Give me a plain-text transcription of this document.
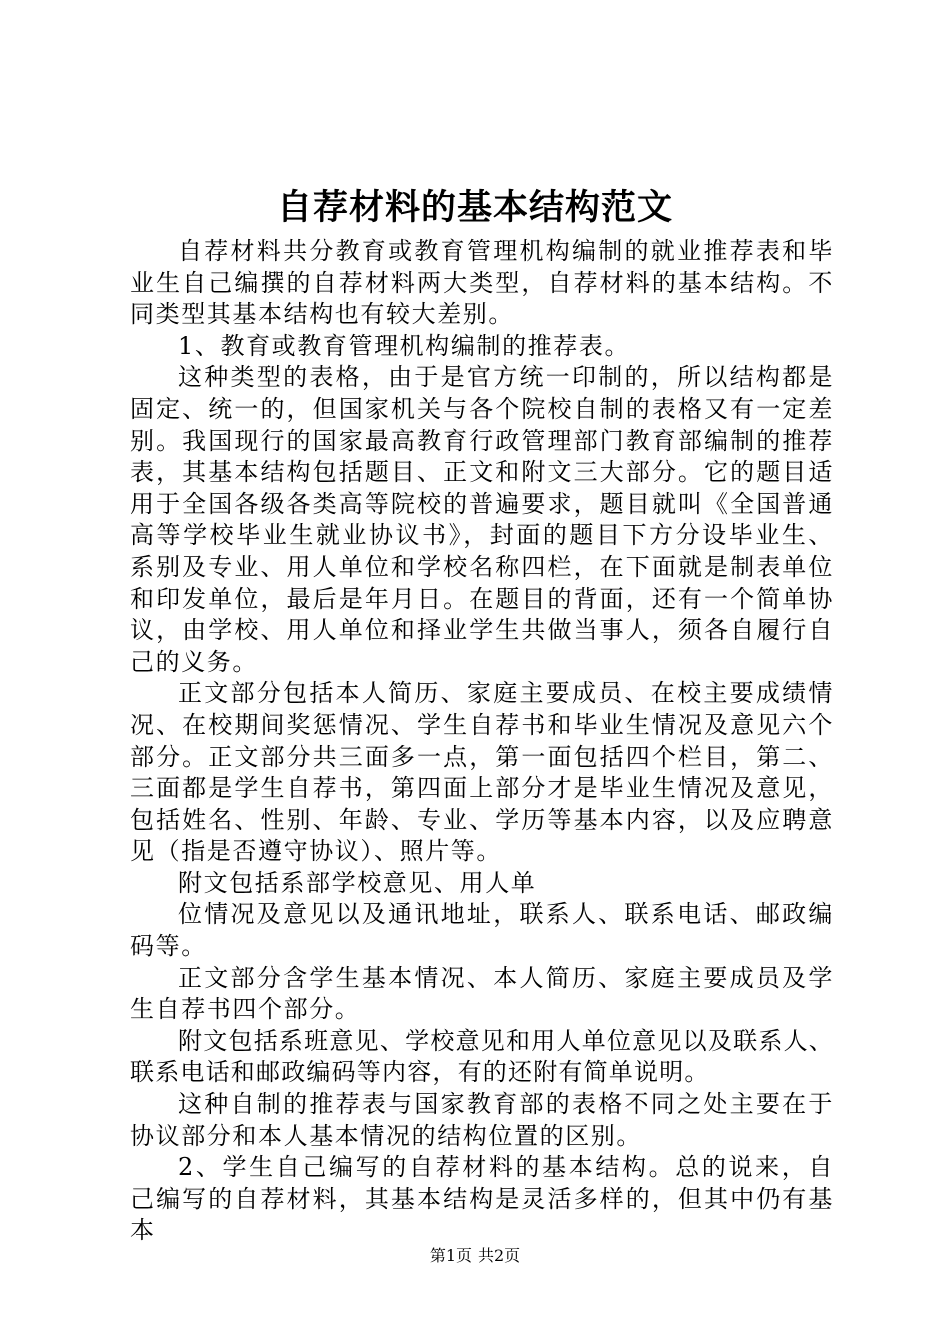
自荐材料的基本结构范文

自荐材料共分教育或教育管理机构编制的就业推荐表和毕业生自己编撰的自荐材料两大类型，自荐材料的基本结构。不同类型其基本结构也有较大差别。

1、教育或教育管理机构编制的推荐表。

这种类型的表格，由于是官方统一印制的，所以结构都是固定、统一的，但国家机关与各个院校自制的表格又有一定差别。我国现行的国家最高教育行政管理部门教育部编制的推荐表，其基本结构包括题目、正文和附文三大部分。它的题目适用于全国各级各类高等院校的普遍要求，题目就叫《全国普通高等学校毕业生就业协议书》，封面的题目下方分设毕业生、系别及专业、用人单位和学校名称四栏，在下面就是制表单位和印发单位，最后是年月日。在题目的背面，还有一个简单协议，由学校、用人单位和择业学生共做当事人，须各自履行自己的义务。

正文部分包括本人简历、家庭主要成员、在校主要成绩情况、在校期间奖惩情况、学生自荐书和毕业生情况及意见六个部分。正文部分共三面多一点，第一面包括四个栏目，第二、三面都是学生自荐书，第四面上部分才是毕业生情况及意见，包括姓名、性别、年龄、专业、学历等基本内容，以及应聘意见（指是否遵守协议）、照片等。

附文包括系部学校意见、用人单

位情况及意见以及通讯地址，联系人、联系电话、邮政编码等。

正文部分含学生基本情况、本人简历、家庭主要成员及学生自荐书四个部分。

附文包括系班意见、学校意见和用人单位意见以及联系人、联系电话和邮政编码等内容，有的还附有简单说明。

这种自制的推荐表与国家教育部的表格不同之处主要在于协议部分和本人基本情况的结构位置的区别。

2、学生自己编写的自荐材料的基本结构。总的说来，自己编写的自荐材料，其基本结构是灵活多样的，但其中仍有基本

第1页 共2页
